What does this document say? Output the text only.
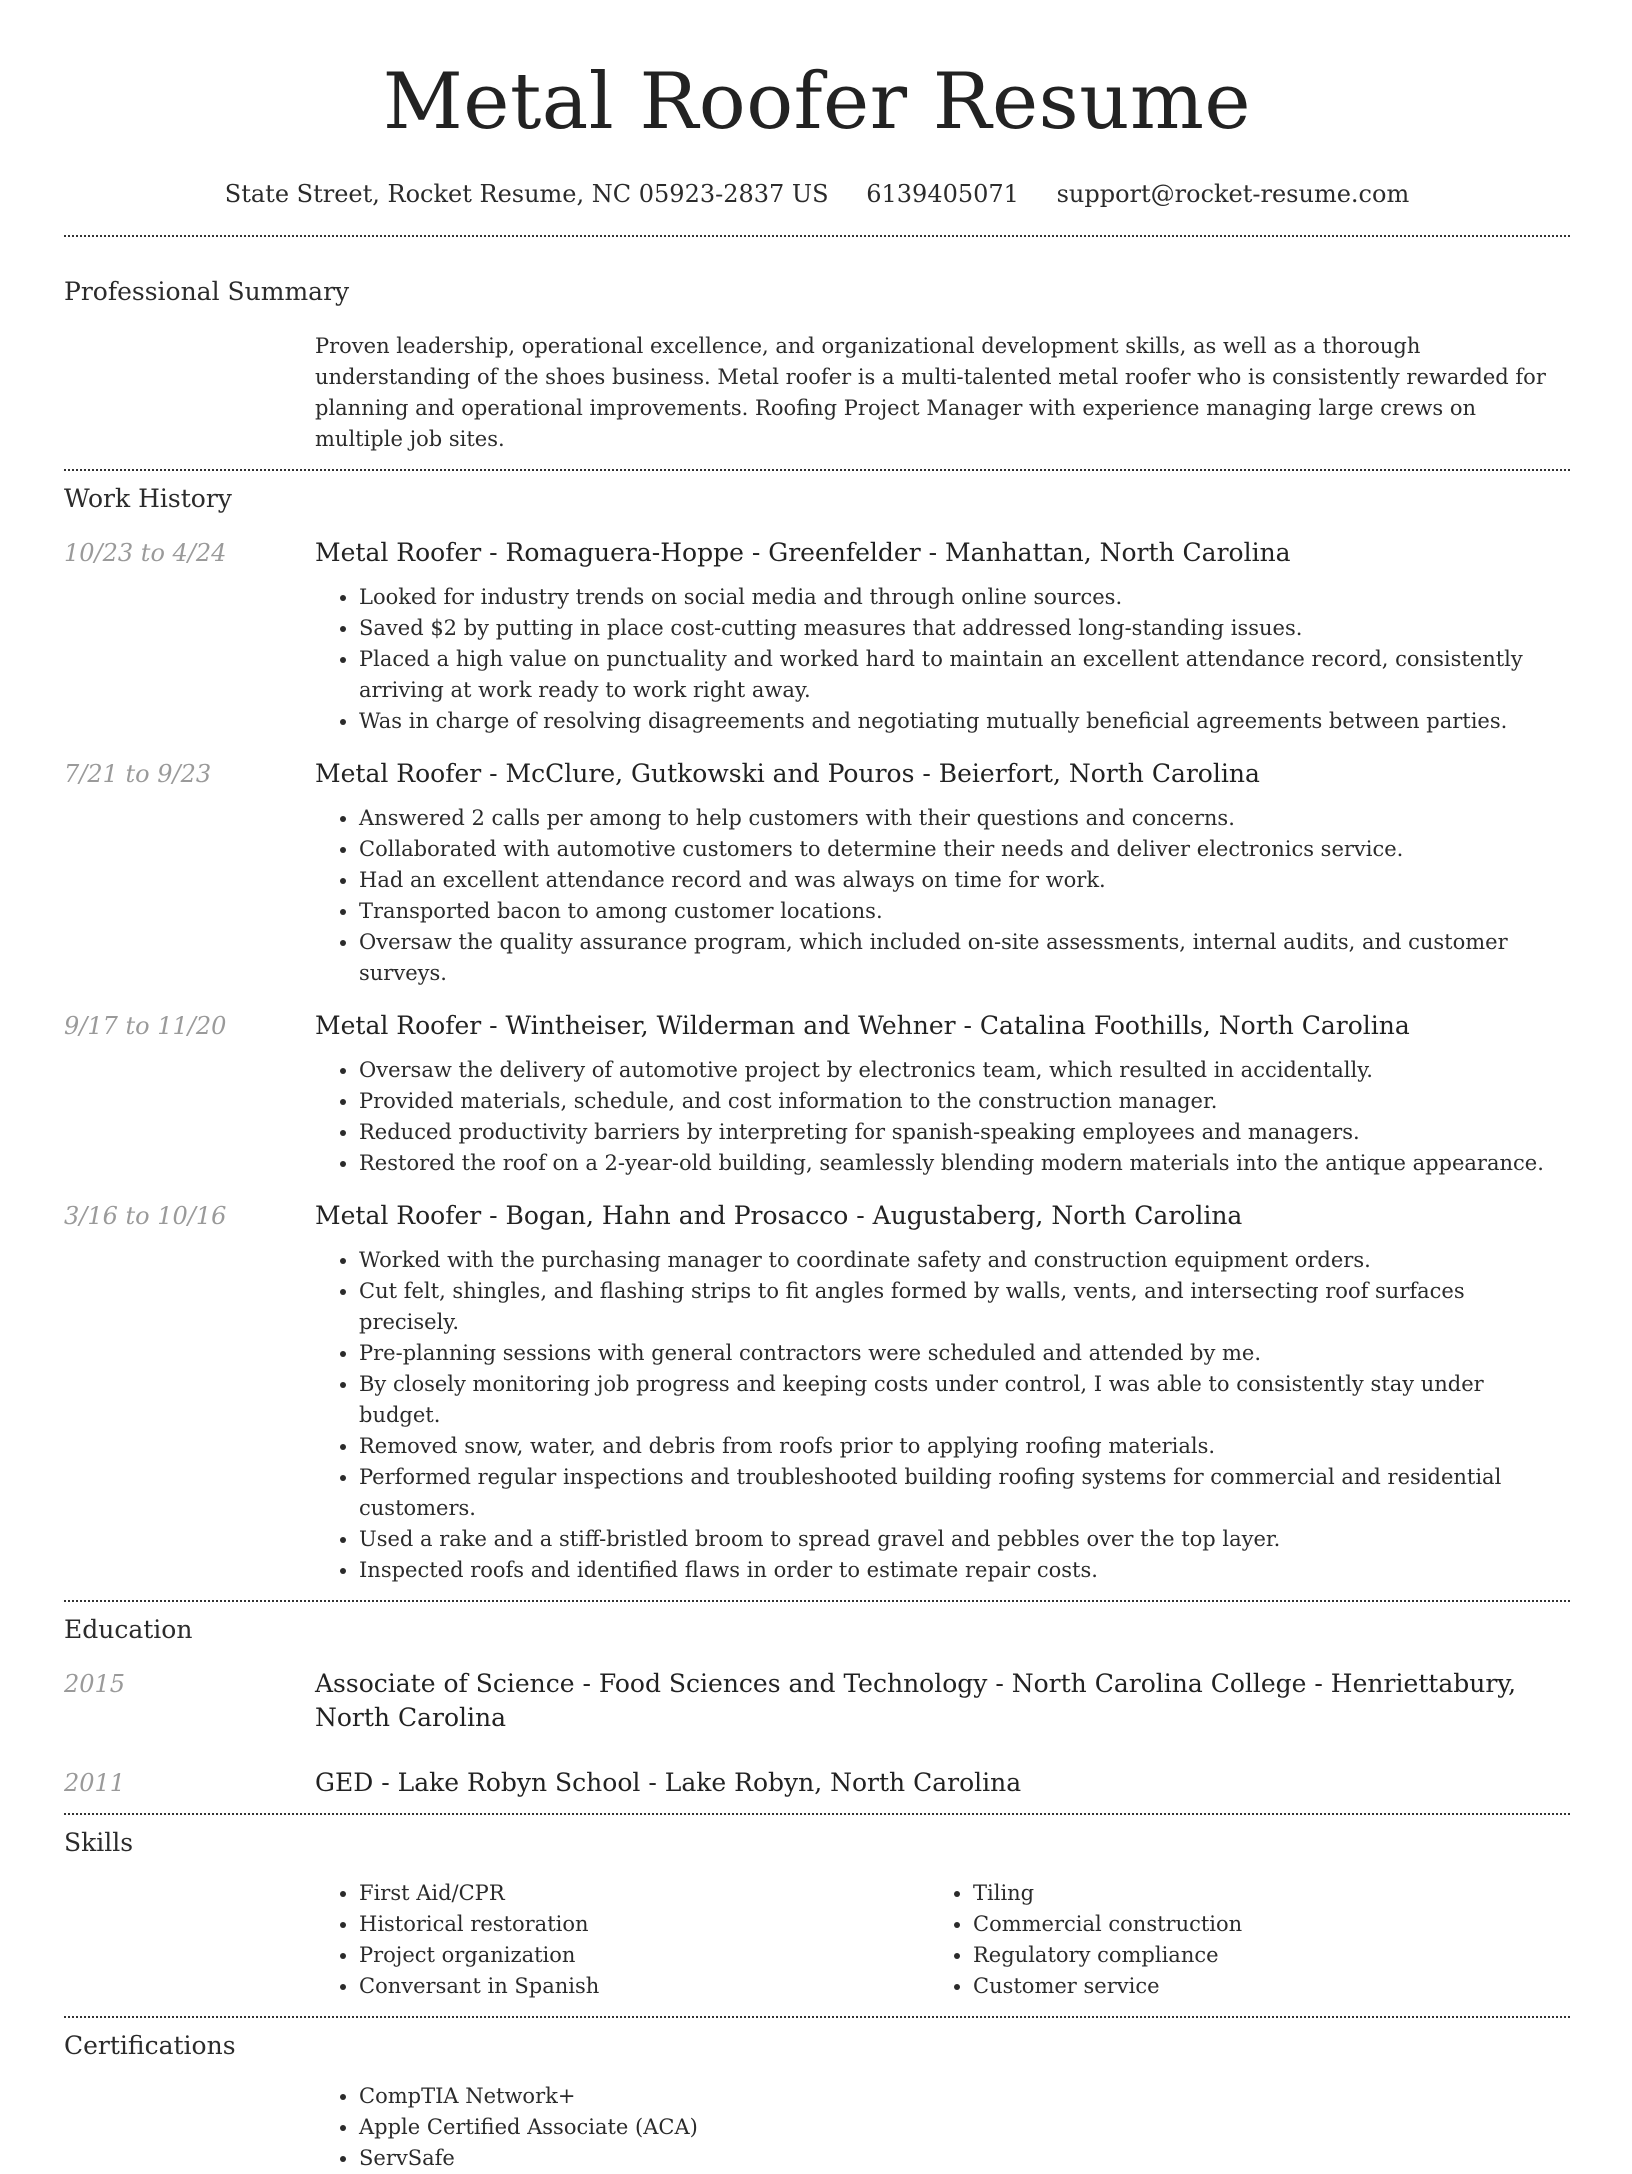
Metal Roofer Resume
State Street, Rocket Resume, NC 05923-2837 US 6139405071 support@rocket-resume.com
Professional Summary
Proven leadership, operational excellence, and organizational development skills, as well as a thorough understanding of the shoes business. Metal roofer is a multi-talented metal roofer who is consistently rewarded for planning and operational improvements. Roofing Project Manager with experience managing large crews on multiple job sites.
Work History
10/23 to 4/24	Metal Roofer - Romaguera-Hoppe - Greenfelder - Manhattan, North Carolina
• Looked for industry trends on social media and through online sources.
• Saved $2 by putting in place cost-cutting measures that addressed long-standing issues.
• Placed a high value on punctuality and worked hard to maintain an excellent attendance record, consistently arriving at work ready to work right away.
• Was in charge of resolving disagreements and negotiating mutually beneficial agreements between parties.
7/21 to 9/23	Metal Roofer - McClure, Gutkowski and Pouros - Beierfort, North Carolina
• Answered 2 calls per among to help customers with their questions and concerns.
• Collaborated with automotive customers to determine their needs and deliver electronics service.
• Had an excellent attendance record and was always on time for work.
• Transported bacon to among customer locations.
• Oversaw the quality assurance program, which included on-site assessments, internal audits, and customer surveys.
9/17 to 11/20	Metal Roofer - Wintheiser, Wilderman and Wehner - Catalina Foothills, North Carolina
• Oversaw the delivery of automotive project by electronics team, which resulted in accidentally.
• Provided materials, schedule, and cost information to the construction manager.
• Reduced productivity barriers by interpreting for spanish-speaking employees and managers.
• Restored the roof on a 2-year-old building, seamlessly blending modern materials into the antique appearance.
3/16 to 10/16	Metal Roofer - Bogan, Hahn and Prosacco - Augustaberg, North Carolina
• Worked with the purchasing manager to coordinate safety and construction equipment orders.
• Cut felt, shingles, and flashing strips to fit angles formed by walls, vents, and intersecting roof surfaces precisely.
• Pre-planning sessions with general contractors were scheduled and attended by me.
• By closely monitoring job progress and keeping costs under control, I was able to consistently stay under budget.
• Removed snow, water, and debris from roofs prior to applying roofing materials.
• Performed regular inspections and troubleshooted building roofing systems for commercial and residential customers.
• Used a rake and a stiff-bristled broom to spread gravel and pebbles over the top layer.
• Inspected roofs and identified flaws in order to estimate repair costs.
Education
2015	Associate of Science - Food Sciences and Technology - North Carolina College - Henriettabury, North Carolina
2011	GED - Lake Robyn School - Lake Robyn, North Carolina
Skills
• First Aid/CPR
• Historical restoration
• Project organization
• Conversant in Spanish
• Tiling
• Commercial construction
• Regulatory compliance
• Customer service
Certifications
• CompTIA Network+
• Apple Certified Associate (ACA)
• ServSafe
